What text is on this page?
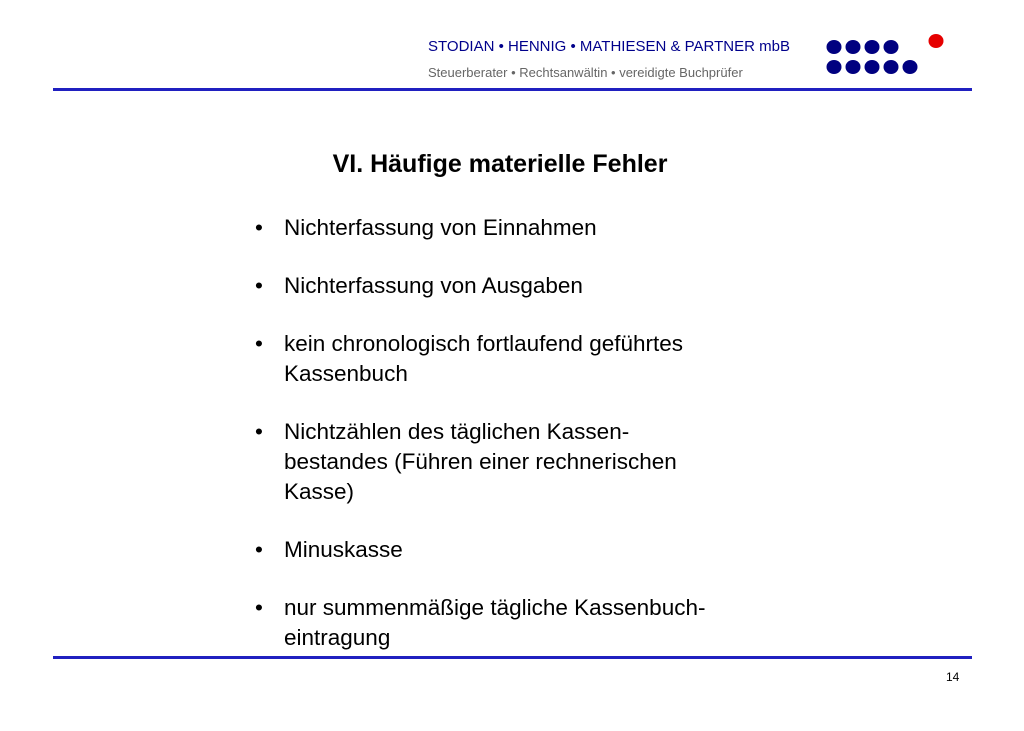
STODIAN • HENNIG • MATHIESEN & PARTNER mbB
Steuerberater • Rechtsanwältin • vereidigte Buchprüfer
VI. Häufige materielle Fehler
• Nichterfassung von Einnahmen
• Nichterfassung von Ausgaben
• kein chronologisch fortlaufend geführtes
Kassenbuch
• Nichtzählen des täglichen Kassen-
bestandes (Führen einer rechnerischen
Kasse)
• Minuskasse
• nur summenmäßige tägliche Kassenbuch-
eintragung
14
